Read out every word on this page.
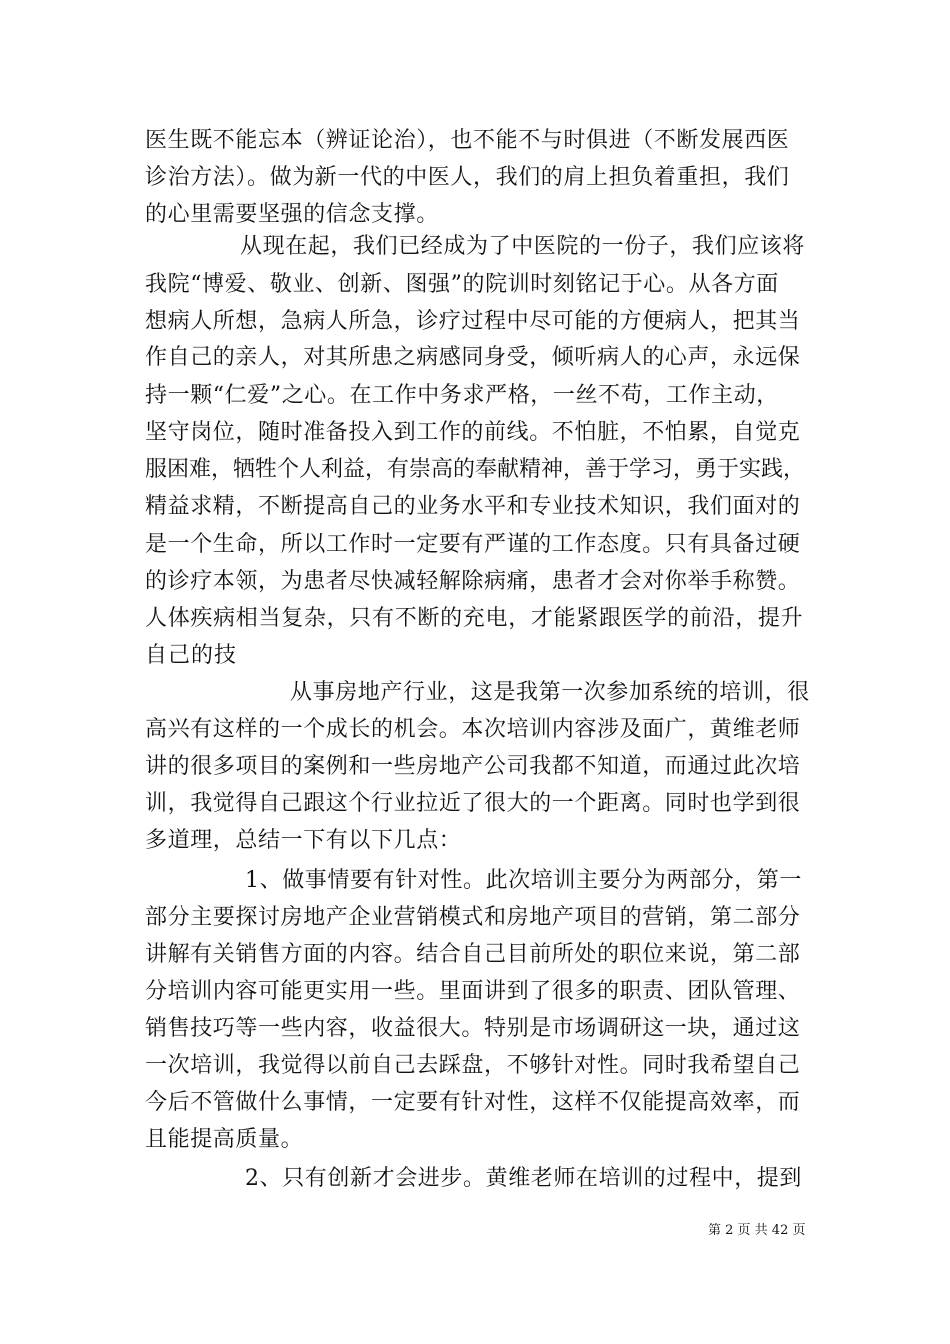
医生既不能忘本（辨证论治），也不能不与时俱进（不断发展西医
诊治方法）。做为新一代的中医人，我们的肩上担负着重担，我们
的心里需要坚强的信念支撑。
从现在起，我们已经成为了中医院的一份子，我们应该将
我院“博爱、敬业、创新、图强”的院训时刻铭记于心。从各方面
想病人所想，急病人所急，诊疗过程中尽可能的方便病人，把其当
作自己的亲人，对其所患之病感同身受，倾听病人的心声，永远保
持一颗“仁爱”之心。在工作中务求严格，一丝不苟，工作主动，
坚守岗位，随时准备投入到工作的前线。不怕脏，不怕累，自觉克
服困难，牺牲个人利益，有崇高的奉献精神，善于学习，勇于实践，
精益求精，不断提高自己的业务水平和专业技术知识，我们面对的
是一个生命，所以工作时一定要有严谨的工作态度。只有具备过硬
的诊疗本领，为患者尽快减轻解除病痛，患者才会对你举手称赞。
人体疾病相当复杂，只有不断的充电，才能紧跟医学的前沿，提升
自己的技
从事房地产行业，这是我第一次参加系统的培训，很
高兴有这样的一个成长的机会。本次培训内容涉及面广，黄维老师
讲的很多项目的案例和一些房地产公司我都不知道，而通过此次培
训，我觉得自己跟这个行业拉近了很大的一个距离。同时也学到很
多道理，总结一下有以下几点：
1、做事情要有针对性。此次培训主要分为两部分，第一
部分主要探讨房地产企业营销模式和房地产项目的营销，第二部分
讲解有关销售方面的内容。结合自己目前所处的职位来说，第二部
分培训内容可能更实用一些。里面讲到了很多的职责、团队管理、
销售技巧等一些内容，收益很大。特别是市场调研这一块，通过这
一次培训，我觉得以前自己去踩盘，不够针对性。同时我希望自己
今后不管做什么事情，一定要有针对性，这样不仅能提高效率，而
且能提高质量。
2、只有创新才会进步。黄维老师在培训的过程中，提到
第 2 页 共 42 页
